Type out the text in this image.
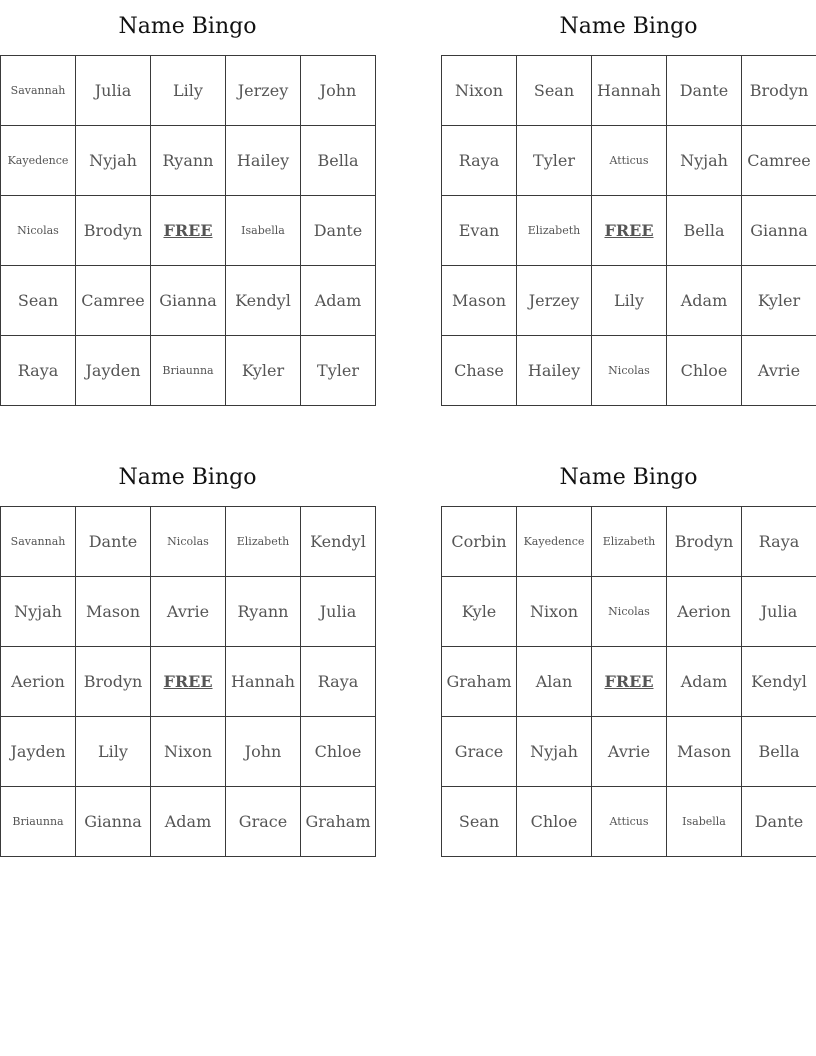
Name Bingo
Savannah	Julia	Lily	Jerzey	John
Kayedence	Nyjah	Ryann	Hailey	Bella
Nicolas	Brodyn	FREE	Isabella	Dante
Sean	Camree	Gianna	Kendyl	Adam
Raya	Jayden	Briaunna	Kyler	Tyler
Name Bingo
Nixon	Sean	Hannah	Dante	Brodyn
Raya	Tyler	Atticus	Nyjah	Camree
Evan	Elizabeth	FREE	Bella	Gianna
Mason	Jerzey	Lily	Adam	Kyler
Chase	Hailey	Nicolas	Chloe	Avrie
Name Bingo
Savannah	Dante	Nicolas	Elizabeth	Kendyl
Nyjah	Mason	Avrie	Ryann	Julia
Aerion	Brodyn	FREE	Hannah	Raya
Jayden	Lily	Nixon	John	Chloe
Briaunna	Gianna	Adam	Grace	Graham
Name Bingo
Corbin	Kayedence	Elizabeth	Brodyn	Raya
Kyle	Nixon	Nicolas	Aerion	Julia
Graham	Alan	FREE	Adam	Kendyl
Grace	Nyjah	Avrie	Mason	Bella
Sean	Chloe	Atticus	Isabella	Dante
